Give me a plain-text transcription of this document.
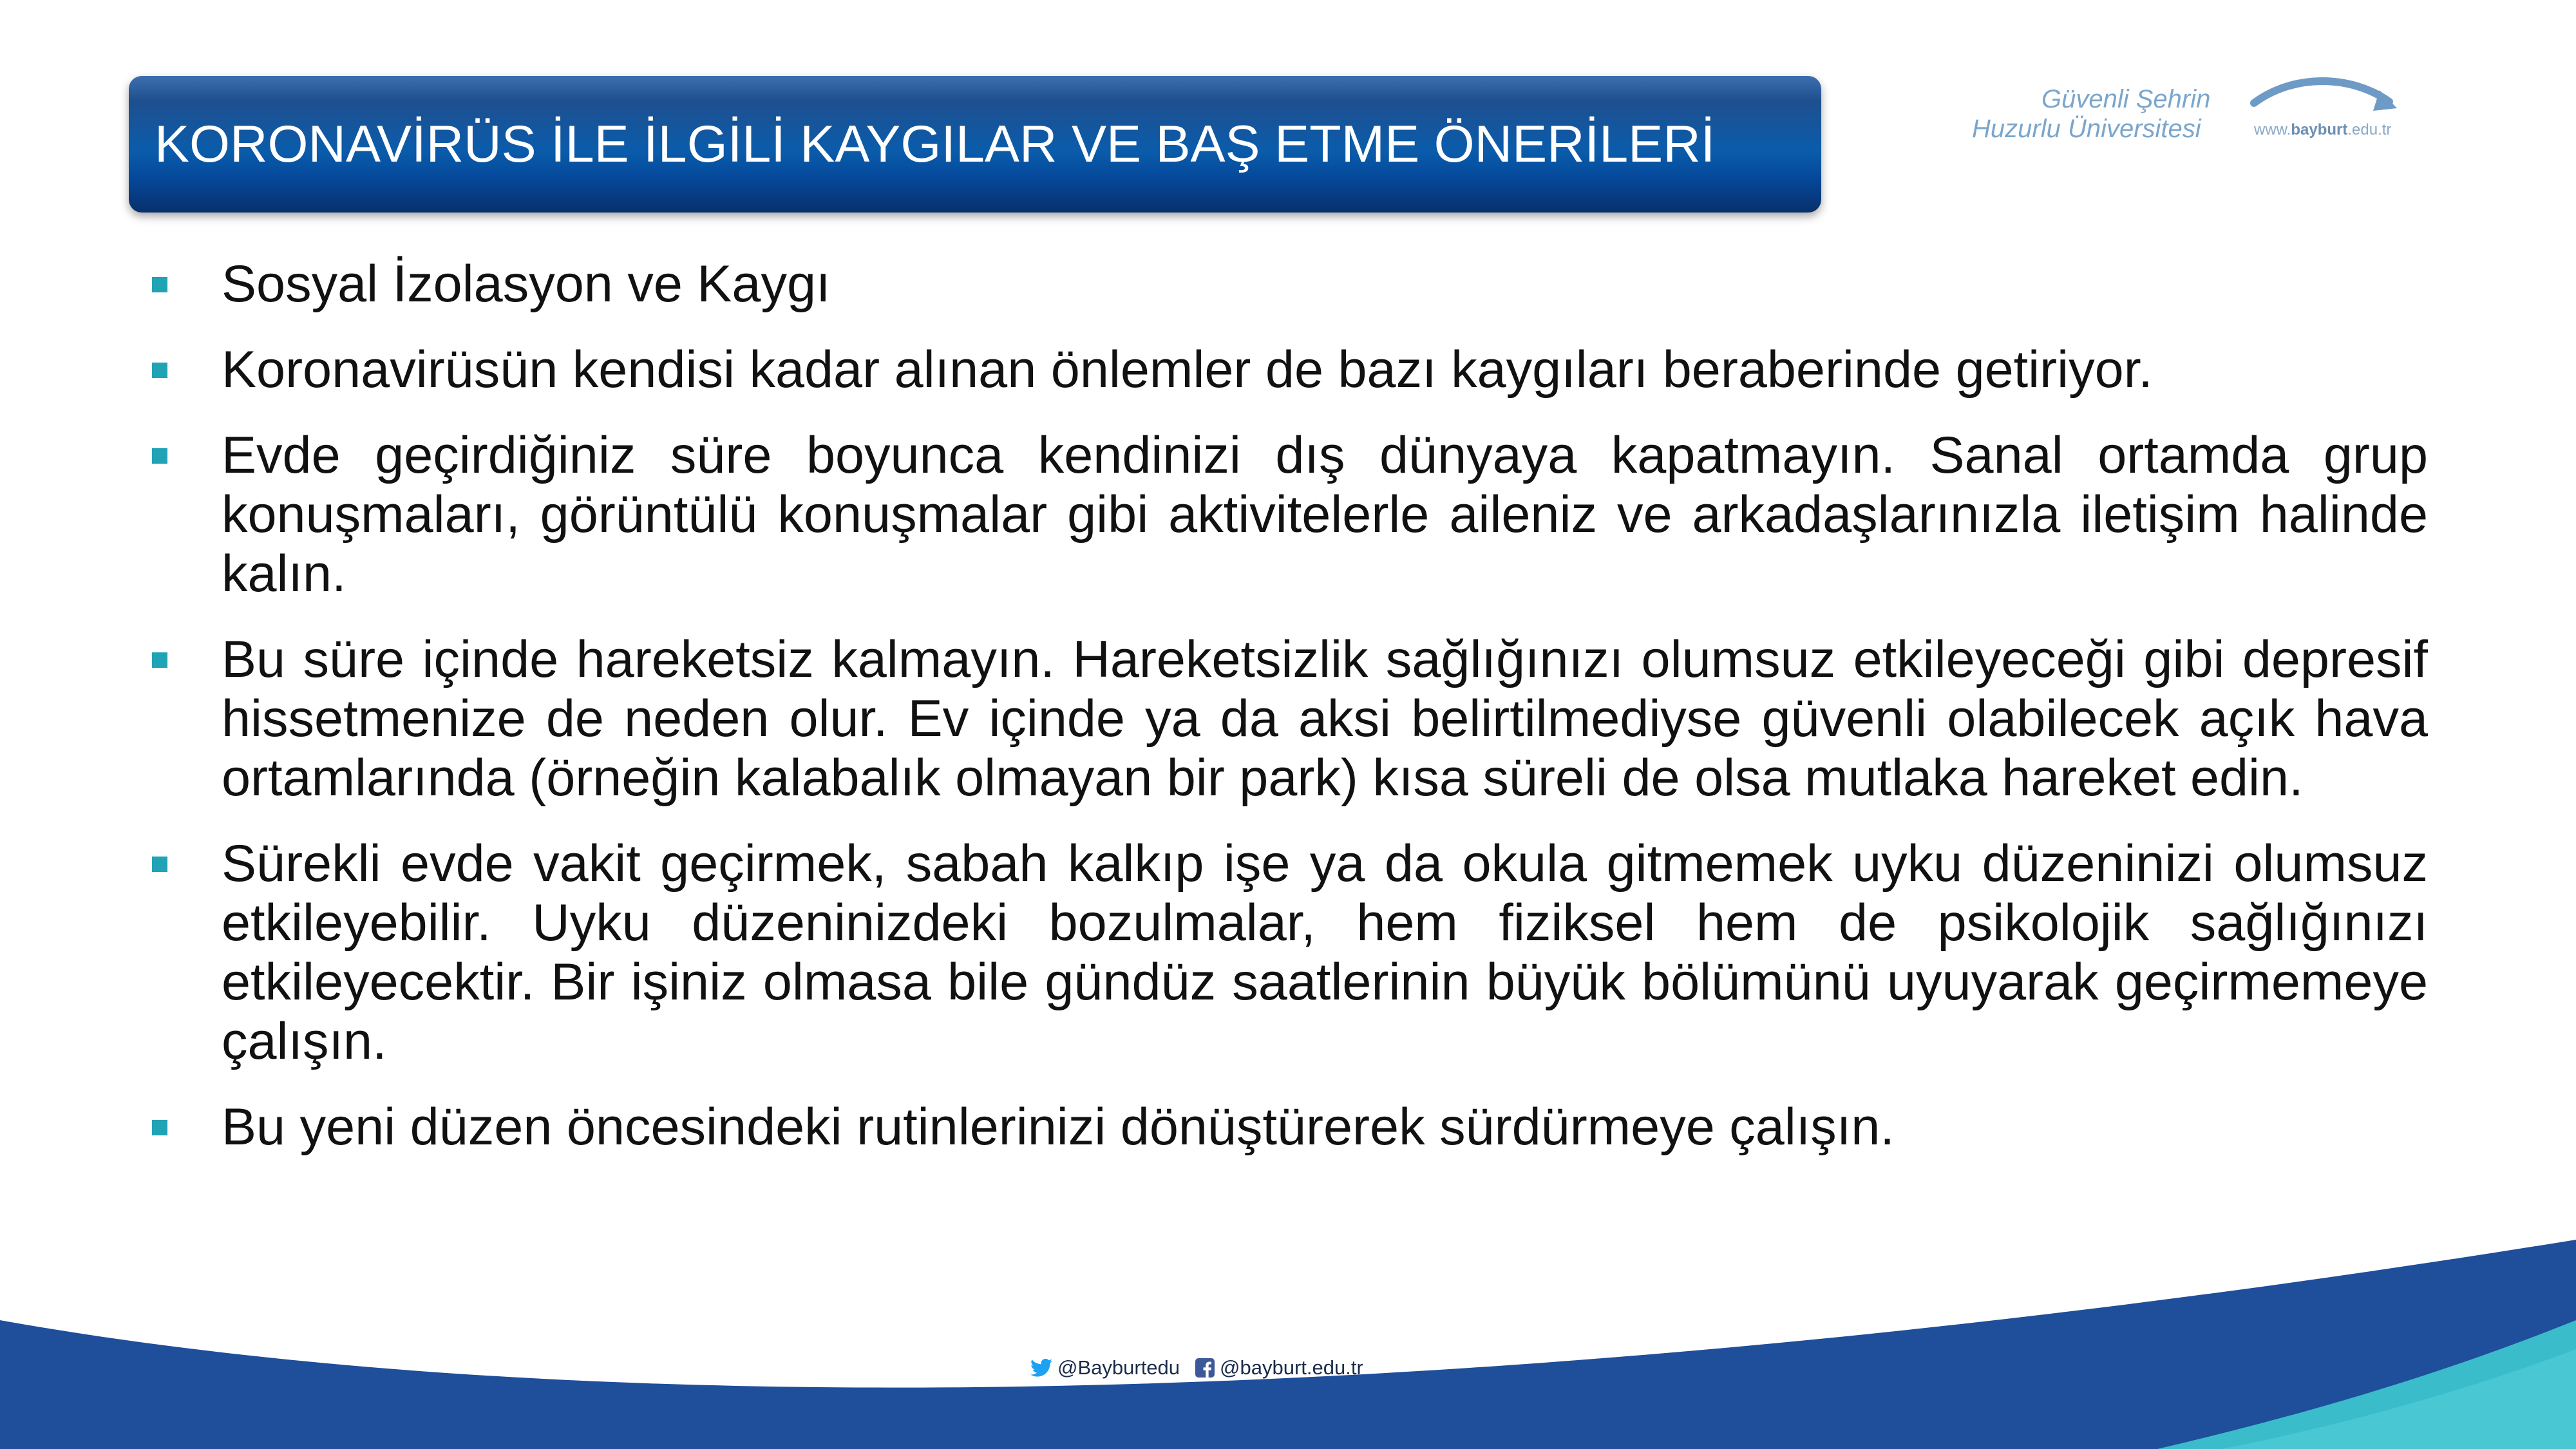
KORONAVİRÜS İLE İLGİLİ KAYGILAR VE BAŞ ETME ÖNERİLERİ
Güvenli Şehrin
Huzurlu Üniversitesi	www.bayburt.edu.tr
Sosyal İzolasyon ve Kaygı
Koronavirüsün kendisi kadar alınan önlemler de bazı kaygıları beraberinde getiriyor.
Evde geçirdiğiniz süre boyunca kendinizi dış dünyaya kapatmayın. Sanal ortamda grup konuşmaları, görüntülü konuşmalar gibi aktivitelerle aileniz ve arkadaşlarınızla iletişim halinde kalın.
Bu süre içinde hareketsiz kalmayın. Hareketsizlik sağlığınızı olumsuz etkileyeceği gibi depresif hissetmenize de neden olur. Ev içinde ya da aksi belirtilmediyse güvenli olabilecek açık hava ortamlarında (örneğin kalabalık olmayan bir park) kısa süreli de olsa mutlaka hareket edin.
Sürekli evde vakit geçirmek, sabah kalkıp işe ya da okula gitmemek uyku düzeninizi olumsuz etkileyebilir. Uyku düzeninizdeki bozulmalar, hem fiziksel hem de psikolojik sağlığınızı etkileyecektir. Bir işiniz olmasa bile gündüz saatlerinin büyük bölümünü uyuyarak geçirmemeye çalışın.
Bu yeni düzen öncesindeki rutinlerinizi dönüştürerek sürdürmeye çalışın.
@Bayburtedu @bayburt.edu.tr
